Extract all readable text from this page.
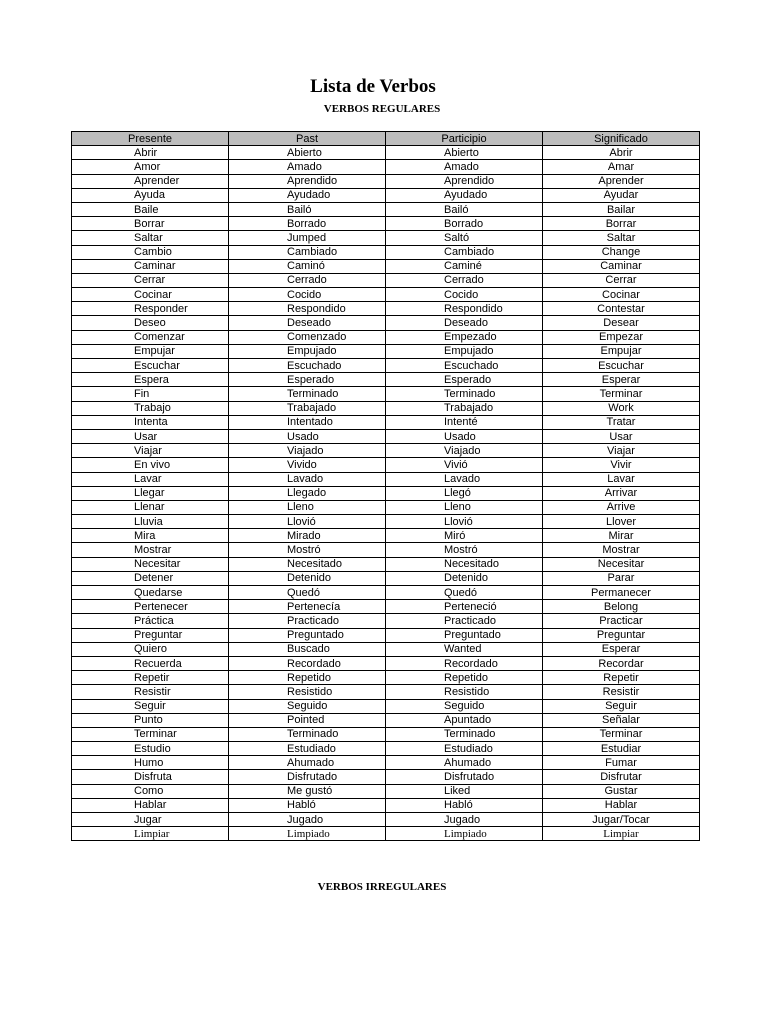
Lista de Verbos
VERBOS REGULARES
Presente	Past	Participio	Significado
Abrir	Abierto	Abierto	Abrir
Amor	Amado	Amado	Amar
Aprender	Aprendido	Aprendido	Aprender
Ayuda	Ayudado	Ayudado	Ayudar
Baile	Bailó	Bailó	Bailar
Borrar	Borrado	Borrado	Borrar
Saltar	Jumped	Saltó	Saltar
Cambio	Cambiado	Cambiado	Change
Caminar	Caminó	Caminé	Caminar
Cerrar	Cerrado	Cerrado	Cerrar
Cocinar	Cocido	Cocido	Cocinar
Responder	Respondido	Respondido	Contestar
Deseo	Deseado	Deseado	Desear
Comenzar	Comenzado	Empezado	Empezar
Empujar	Empujado	Empujado	Empujar
Escuchar	Escuchado	Escuchado	Escuchar
Espera	Esperado	Esperado	Esperar
Fin	Terminado	Terminado	Terminar
Trabajo	Trabajado	Trabajado	Work
Intenta	Intentado	Intenté	Tratar
Usar	Usado	Usado	Usar
Viajar	Viajado	Viajado	Viajar
En vivo	Vivido	Vivió	Vivir
Lavar	Lavado	Lavado	Lavar
Llegar	Llegado	Llegó	Arrivar
Llenar	Lleno	Lleno	Arrive
Lluvia	Llovió	Llovió	Llover
Mira	Mirado	Miró	Mirar
Mostrar	Mostró	Mostró	Mostrar
Necesitar	Necesitado	Necesitado	Necesitar
Detener	Detenido	Detenido	Parar
Quedarse	Quedó	Quedó	Permanecer
Pertenecer	Pertenecía	Perteneció	Belong
Práctica	Practicado	Practicado	Practicar
Preguntar	Preguntado	Preguntado	Preguntar
Quiero	Buscado	Wanted	Esperar
Recuerda	Recordado	Recordado	Recordar
Repetir	Repetido	Repetido	Repetir
Resistir	Resistido	Resistido	Resistir
Seguir	Seguido	Seguido	Seguir
Punto	Pointed	Apuntado	Señalar
Terminar	Terminado	Terminado	Terminar
Estudio	Estudiado	Estudiado	Estudiar
Humo	Ahumado	Ahumado	Fumar
Disfruta	Disfrutado	Disfrutado	Disfrutar
Como	Me gustó	Liked	Gustar
Hablar	Habló	Habló	Hablar
Jugar	Jugado	Jugado	Jugar/Tocar
Limpiar	Limpiado	Limpiado	Limpiar
VERBOS IRREGULARES
